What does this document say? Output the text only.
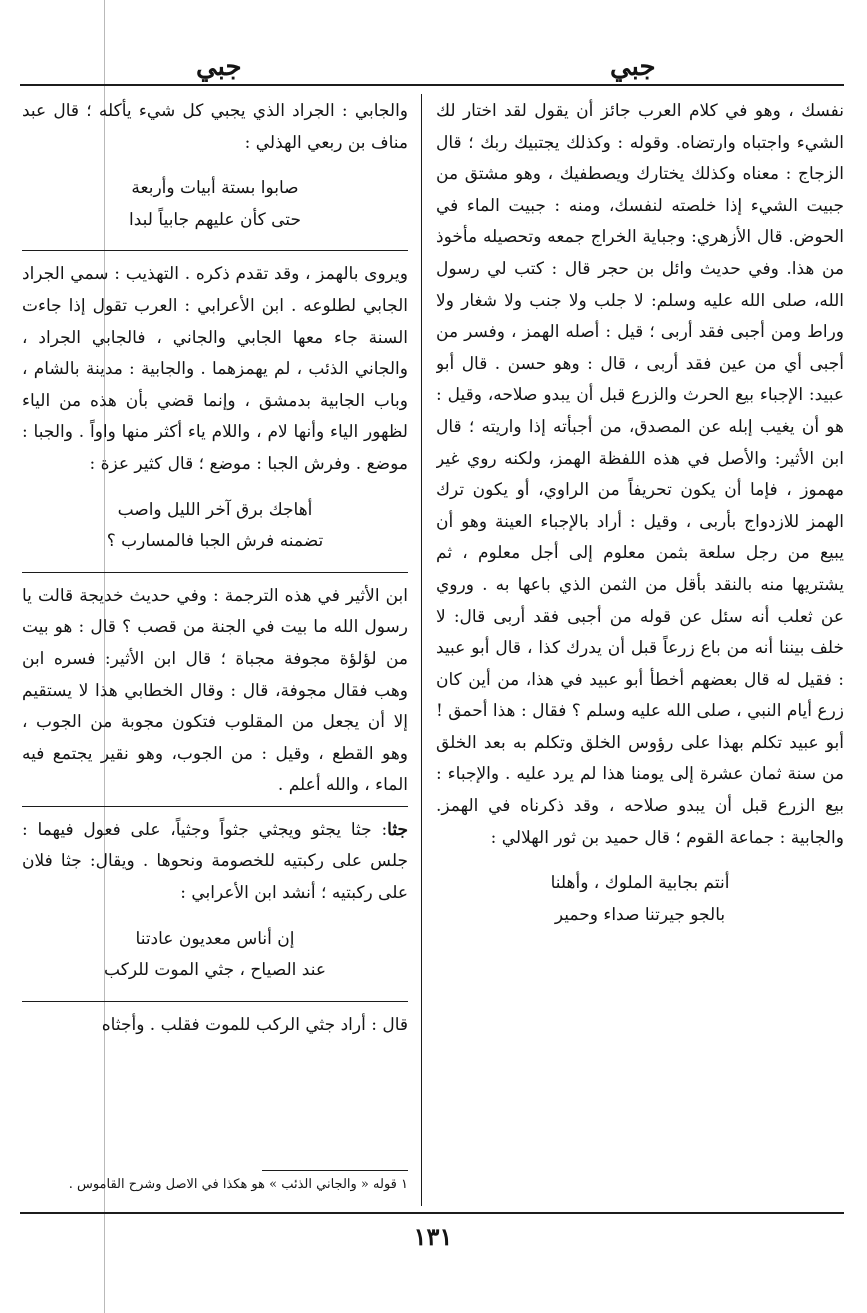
جبي	جبي

نفسك ، وهو في كلام العرب جائز أن يقول لقد اختار لك الشيء واجتباه وارتضاه. وقوله : وكذلك يجتبيك ربك ؛ قال الزجاج : معناه وكذلك يختارك ويصطفيك ، وهو مشتق من جبيت الشيء إذا خلصته لنفسك، ومنه : جبيت الماء في الحوض. قال الأزهري: وجباية الخراج جمعه وتحصيله مأخوذ من هذا. وفي حديث وائل بن حجر قال : كتب لي رسول الله، صلى الله عليه وسلم: لا جلب ولا جنب ولا شغار ولا وراط ومن أجبى فقد أربى ؛ قيل : أصله الهمز ، وفسر من أجبى أي من عين فقد أربى ، قال : وهو حسن . قال أبو عبيد: الإجباء بيع الحرث والزرع قبل أن يبدو صلاحه، وقيل : هو أن يغيب إبله عن المصدق، من أجبأته إذا واريته ؛ قال ابن الأثير: والأصل في هذه اللفظة الهمز، ولكنه روي غير مهموز ، فإما أن يكون تحريفاً من الراوي، أو يكون ترك الهمز للازدواج بأربى ، وقيل : أراد بالإجباء العينة وهو أن يبيع من رجل سلعة بثمن معلوم إلى أجل معلوم ، ثم يشتريها منه بالنقد بأقل من الثمن الذي باعها به . وروي عن ثعلب أنه سئل عن قوله من أجبى فقد أربى قال: لا خلف بيننا أنه من باع زرعاً قبل أن يدرك كذا ، قال أبو عبيد : فقيل له قال بعضهم أخطأ أبو عبيد في هذا، من أين كان زرع أيام النبي ، صلى الله عليه وسلم ؟ فقال : هذا أحمق ! أبو عبيد تكلم بهذا على رؤوس الخلق وتكلم به بعد الخلق من سنة ثمان عشرة إلى يومنا هذا لم يرد عليه . والإجباء : بيع الزرع قبل أن يبدو صلاحه ، وقد ذكرناه في الهمز. والجابية : جماعة القوم ؛ قال حميد بن ثور الهلالي :

أنتم بجابية الملوك ، وأهلنا
بالجو جيرتنا صداء وحمير

والجابي : الجراد الذي يجبي كل شيء يأكله ؛ قال عبد مناف بن ربعي الهذلي :

صابوا بستة أبيات وأربعة
حتى كأن عليهم جابياً لبدا

ويروى بالهمز ، وقد تقدم ذكره . التهذيب : سمي الجراد الجابي لطلوعه . ابن الأعرابي : العرب تقول إذا جاءت السنة جاء معها الجابي والجاني ، فالجابي الجراد ، والجاني الذئب ، لم يهمزهما . والجابية : مدينة بالشام ، وباب الجابية بدمشق ، وإنما قضي بأن هذه من الياء لظهور الياء وأنها لام ، واللام ياء أكثر منها واواً . والجبا : موضع . وفرش الجبا : موضع ؛ قال كثير عزة :

أهاجك برق آخر الليل واصب
تضمنه فرش الجبا فالمسارب ؟

ابن الأثير في هذه الترجمة : وفي حديث خديجة قالت يا رسول الله ما بيت في الجنة من قصب ؟ قال : هو بيت من لؤلؤة مجوفة مجباة ؛ قال ابن الأثير: فسره ابن وهب فقال مجوفة، قال : وقال الخطابي هذا لا يستقيم إلا أن يجعل من المقلوب فتكون مجوبة من الجوب ، وهو القطع ، وقيل : من الجوب، وهو نقير يجتمع فيه الماء ، والله أعلم .

جثا: جثا يجثو ويجثي جثواً وجثياً، على فعول فيهما : جلس على ركبتيه للخصومة ونحوها . ويقال: جثا فلان على ركبتيه ؛ أنشد ابن الأعرابي :

إن أناس معديون عادتنا
عند الصياح ، جثي الموت للركب

قال : أراد جثي الركب للموت فقلب . وأجثاه

١ قوله « والجاني الذئب » هو هكذا في الاصل وشرح القاموس .
١٣١
